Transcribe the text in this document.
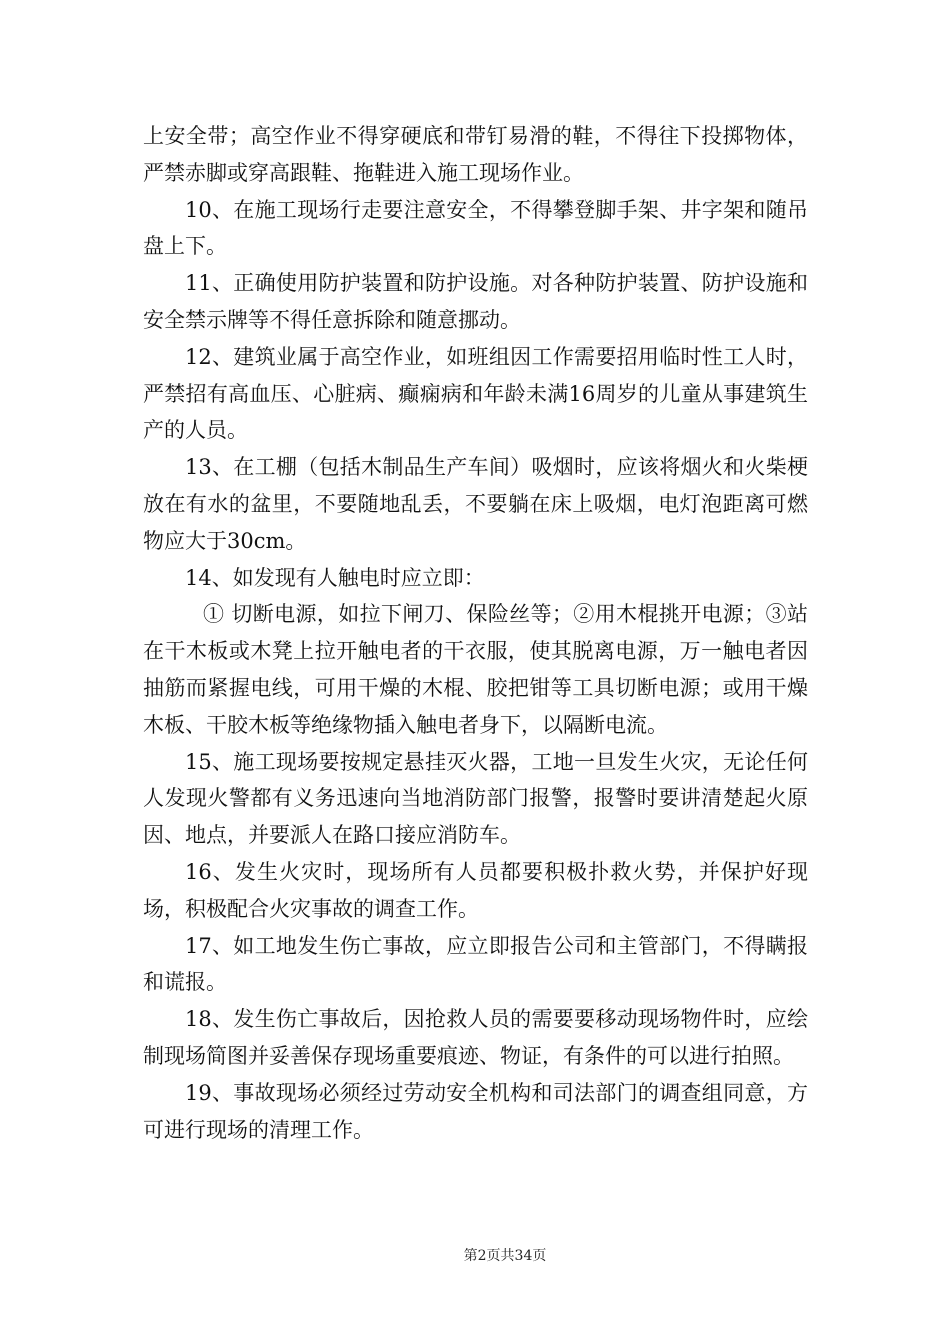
上安全带；高空作业不得穿硬底和带钉易滑的鞋，不得往下投掷物体，严禁赤脚或穿高跟鞋、拖鞋进入施工现场作业。

10、在施工现场行走要注意安全，不得攀登脚手架、井字架和随吊盘上下。

11、正确使用防护装置和防护设施。对各种防护装置、防护设施和安全禁示牌等不得任意拆除和随意挪动。

12、建筑业属于高空作业，如班组因工作需要招用临时性工人时，严禁招有高血压、心脏病、癫痫病和年龄未满16周岁的儿童从事建筑生产的人员。

13、在工棚（包括木制品生产车间）吸烟时，应该将烟火和火柴梗放在有水的盆里，不要随地乱丢，不要躺在床上吸烟，电灯泡距离可燃物应大于30cm。

14、如发现有人触电时应立即：

① 切断电源，如拉下闸刀、保险丝等；②用木棍挑开电源；③站在干木板或木凳上拉开触电者的干衣服，使其脱离电源，万一触电者因抽筋而紧握电线，可用干燥的木棍、胶把钳等工具切断电源；或用干燥木板、干胶木板等绝缘物插入触电者身下，以隔断电流。

15、施工现场要按规定悬挂灭火器，工地一旦发生火灾，无论任何人发现火警都有义务迅速向当地消防部门报警，报警时要讲清楚起火原因、地点，并要派人在路口接应消防车。

16、发生火灾时，现场所有人员都要积极扑救火势，并保护好现场，积极配合火灾事故的调查工作。

17、如工地发生伤亡事故，应立即报告公司和主管部门，不得瞒报和谎报。

18、发生伤亡事故后，因抢救人员的需要要移动现场物件时，应绘制现场简图并妥善保存现场重要痕迹、物证，有条件的可以进行拍照。

19、事故现场必须经过劳动安全机构和司法部门的调查组同意，方可进行现场的清理工作。

第2页共34页
